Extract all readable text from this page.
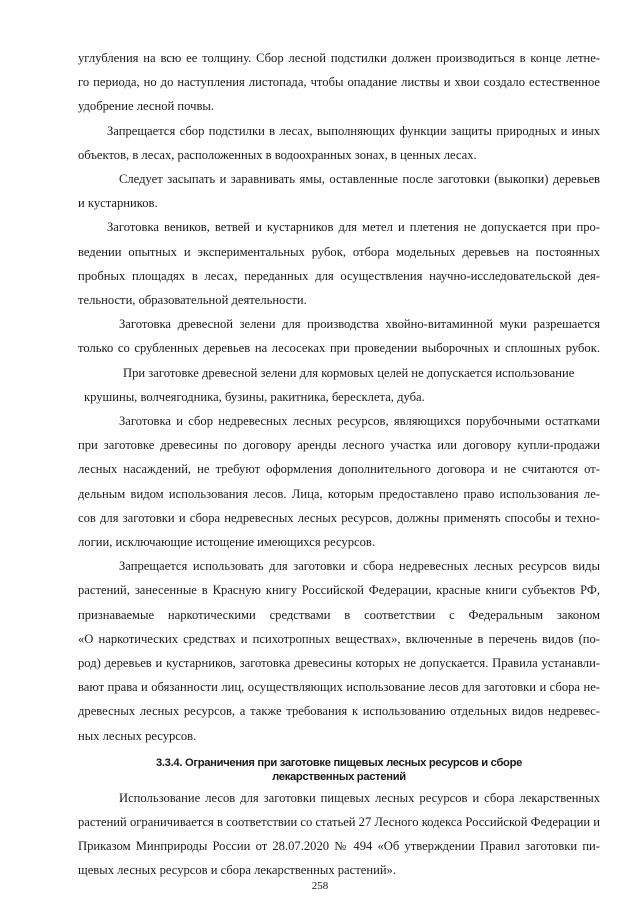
углубления на всю ее толщину. Сбор лесной подстилки должен производиться в конце летне-
го периода, но до наступления листопада, чтобы опадание листвы и хвои создало естественное
удобрение лесной почвы.
Запрещается сбор подстилки в лесах, выполняющих функции защиты природных и иных
объектов, в лесах, расположенных в водоохранных зонах, в ценных лесах.
Следует засыпать и заравнивать ямы, оставленные после заготовки (выкопки) деревьев
и кустарников.
Заготовка веников, ветвей и кустарников для метел и плетения не допускается при про-
ведении опытных и экспериментальных рубок, отбора модельных деревьев на постоянных
пробных площадях в лесах, переданных для осуществления научно-исследовательской дея-
тельности, образовательной деятельности.
Заготовка древесной зелени для производства хвойно-витаминной муки разрешается
только со срубленных деревьев на лесосеках при проведении выборочных и сплошных рубок.
При заготовке древесной зелени для кормовых целей не допускается использование
крушины, волчеягодника, бузины, ракитника, бересклета, дуба.
Заготовка и сбор недревесных лесных ресурсов, являющихся порубочными остатками
при заготовке древесины по договору аренды лесного участка или договору купли-продажи
лесных насаждений, не требуют оформления дополнительного договора и не считаются от-
дельным видом использования лесов. Лица, которым предоставлено право использования ле-
сов для заготовки и сбора недревесных лесных ресурсов, должны применять способы и техно-
логии, исключающие истощение имеющихся ресурсов.
Запрещается использовать для заготовки и сбора недревесных лесных ресурсов виды
растений, занесенные в Красную книгу Российской Федерации, красные книги субъектов РФ,
признаваемые наркотическими средствами в соответствии с Федеральным законом
«О наркотических средствах и психотропных веществах», включенные в перечень видов (по-
род) деревьев и кустарников, заготовка древесины которых не допускается. Правила устанавли-
вают права и обязанности лиц, осуществляющих использование лесов для заготовки и сбора не-
древесных лесных ресурсов, а также требования к использованию отдельных видов недревес-
ных лесных ресурсов.
3.3.4. Ограничения при заготовке пищевых лесных ресурсов и сборе
лекарственных растений
Использование лесов для заготовки пищевых лесных ресурсов и сбора лекарственных
растений ограничивается в соответствии со статьей 27 Лесного кодекса Российской Федерации и
258
Приказом Минприроды России от 28.07.2020 № 494 «Об утверждении Правил заготовки пи-
щевых лесных ресурсов и сбора лекарственных растений».
